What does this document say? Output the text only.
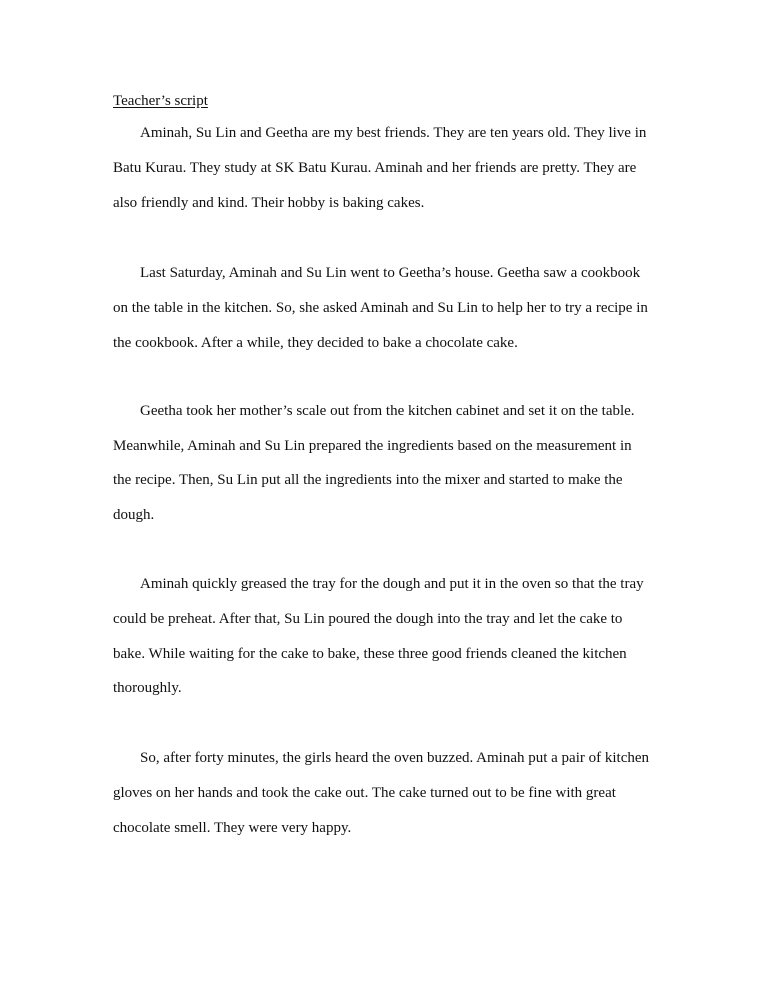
Teacher’s script
Aminah, Su Lin and Geetha are my best friends. They are ten years old. They live in
Batu Kurau. They study at SK Batu Kurau. Aminah and her friends are pretty. They are
also friendly and kind. Their hobby is baking cakes.
Last Saturday, Aminah and Su Lin went to Geetha’s house. Geetha saw a cookbook
on the table in the kitchen. So, she asked Aminah and Su Lin to help her to try a recipe in
the cookbook. After a while, they decided to bake a chocolate cake.
Geetha took her mother’s scale out from the kitchen cabinet and set it on the table.
Meanwhile, Aminah and Su Lin prepared the ingredients based on the measurement in
the recipe. Then, Su Lin put all the ingredients into the mixer and started to make the
dough.
Aminah quickly greased the tray for the dough and put it in the oven so that the tray
could be preheat. After that, Su Lin poured the dough into the tray and let the cake to
bake. While waiting for the cake to bake, these three good friends cleaned the kitchen
thoroughly.
So, after forty minutes, the girls heard the oven buzzed. Aminah put a pair of kitchen
gloves on her hands and took the cake out. The cake turned out to be fine with great
chocolate smell. They were very happy.
